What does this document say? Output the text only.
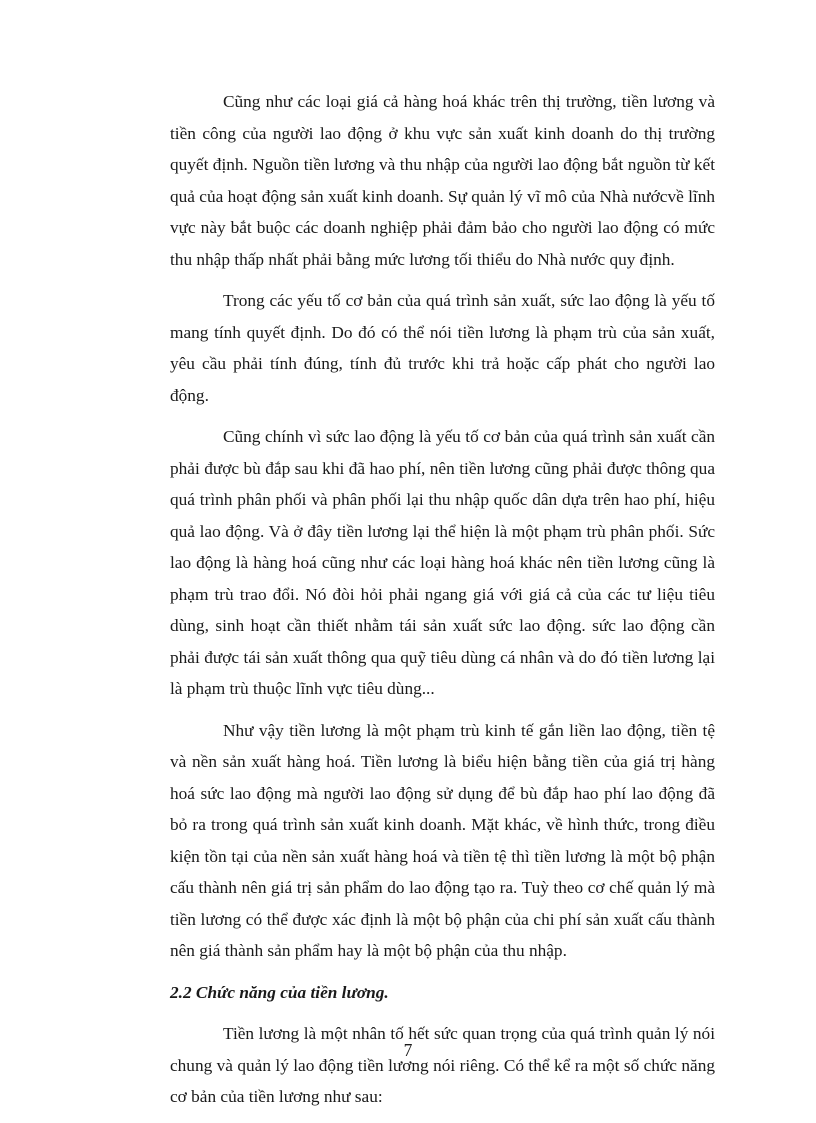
Cũng như các loại giá cả hàng hoá khác trên thị trường, tiền lương và tiền công của người lao động ở khu vực sản xuất kinh doanh do thị trường quyết định. Nguồn tiền lương và thu nhập của người lao động bắt nguồn từ kết quả của hoạt động sản xuất kinh doanh. Sự quản lý vĩ mô của Nhà nướcvề lĩnh vực này bắt buộc các doanh nghiệp phải đảm bảo cho người lao động có mức thu nhập thấp nhất phải bằng mức lương tối thiểu do Nhà nước quy định.

Trong các yếu tố cơ bản của quá trình sản xuất, sức lao động là yếu tố mang tính quyết định. Do đó có thể nói tiền lương là phạm trù của sản xuất, yêu cầu phải tính đúng, tính đủ trước khi trả hoặc cấp phát cho người lao động.

Cũng chính vì sức lao động là yếu tố cơ bản của quá trình sản xuất cần phải được bù đắp sau khi đã hao phí, nên tiền lương cũng phải được thông qua quá trình phân phối và phân phối lại thu nhập quốc dân dựa trên hao phí, hiệu quả lao động. Và ở đây tiền lương lại thể hiện là một phạm trù phân phối. Sức lao động là hàng hoá cũng như các loại hàng hoá khác nên tiền lương cũng là phạm trù trao đổi. Nó đòi hỏi phải ngang giá với giá cả của các tư liệu tiêu dùng, sinh hoạt cần thiết nhằm tái sản xuất sức lao động. sức lao động cần phải được tái sản xuất thông qua quỹ tiêu dùng cá nhân và do đó tiền lương lại là phạm trù thuộc lĩnh vực tiêu dùng...

Như vậy tiền lương là một phạm trù kinh tế gắn liền lao động, tiền tệ và nền sản xuất hàng hoá. Tiền lương là biểu hiện bằng tiền của giá trị hàng hoá sức lao động mà người lao động sử dụng để bù đắp hao phí lao động đã bỏ ra trong quá trình sản xuất kinh doanh. Mặt khác, về hình thức, trong điều kiện tồn tại của nền sản xuất hàng hoá và tiền tệ thì tiền lương là một bộ phận cấu thành nên giá trị sản phẩm do lao động tạo ra. Tuỳ theo cơ chế quản lý mà tiền lương có thể được xác định là một bộ phận của chi phí sản xuất cấu thành nên giá thành sản phẩm hay là một bộ phận của thu nhập.

2.2 Chức năng của tiền lương.

Tiền lương là một nhân tố hết sức quan trọng của quá trình quản lý nói chung và quản lý lao động tiền lương nói riêng. Có thể kể ra một số chức năng cơ bản của tiền lương như sau:

7
